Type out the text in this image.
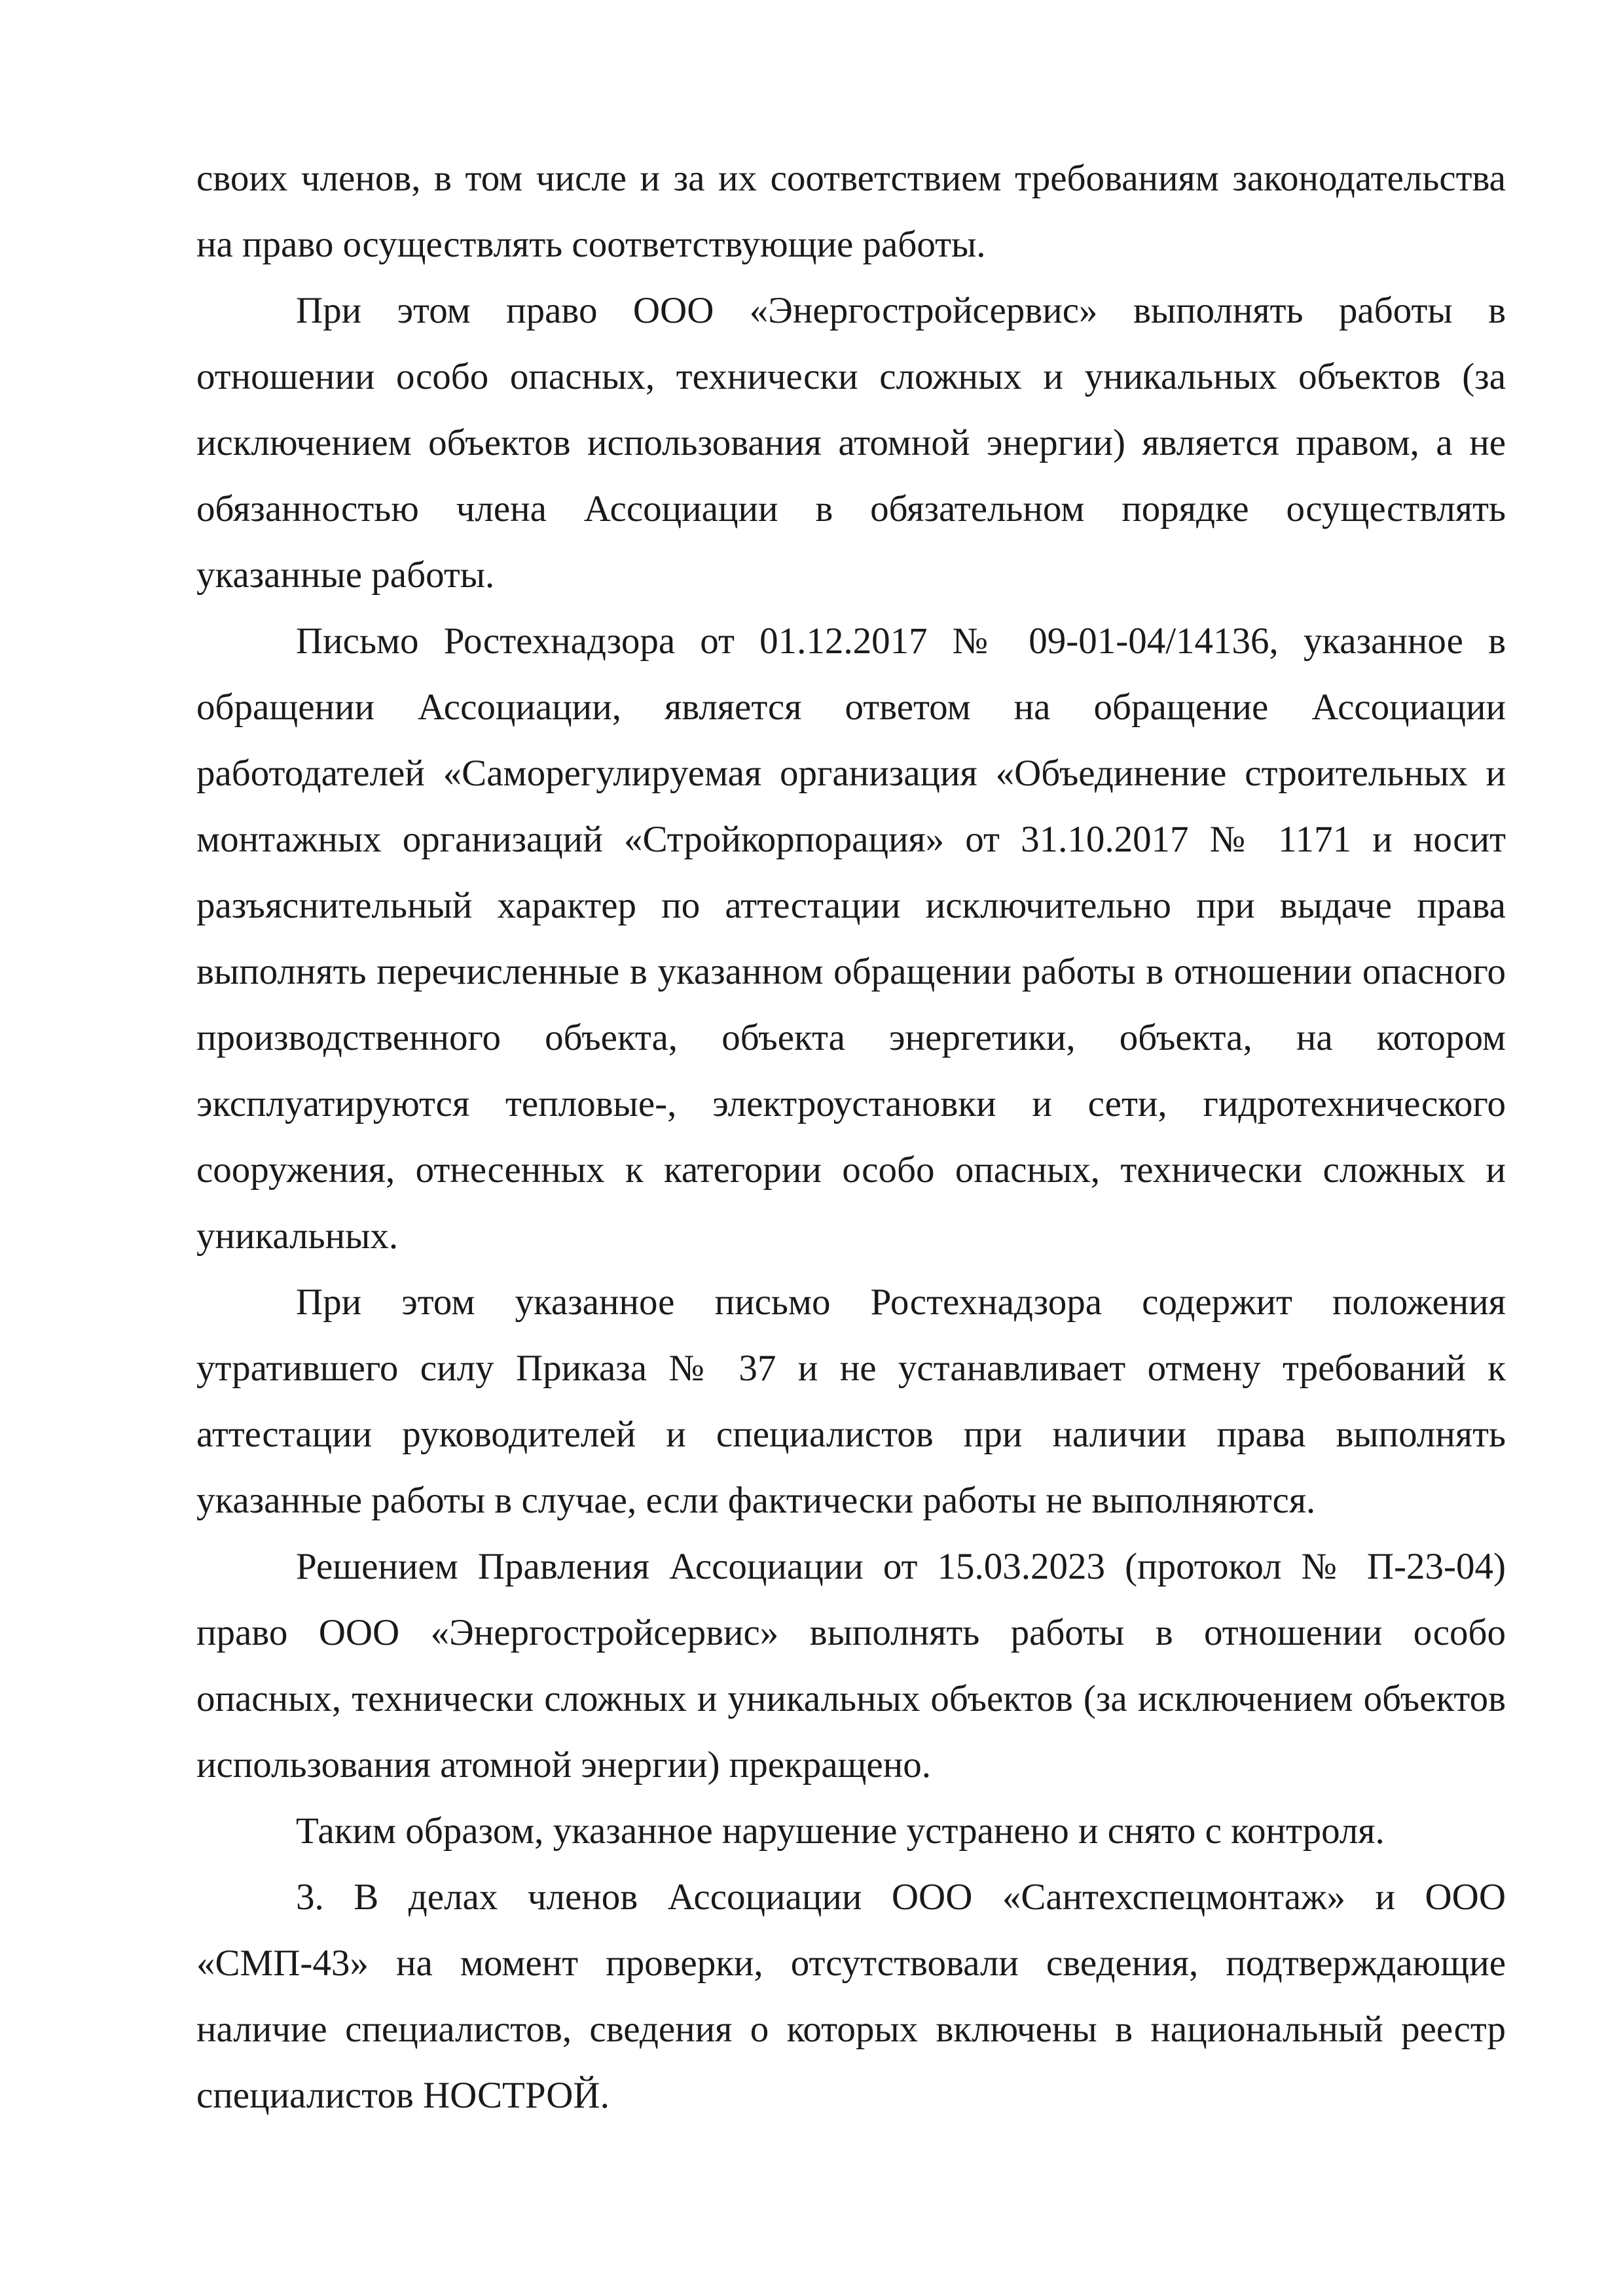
своих членов, в том числе и за их соответствием требованиям законодательства на право осуществлять соответствующие работы.

При этом право ООО «Энергостройсервис» выполнять работы в отношении особо опасных, технически сложных и уникальных объектов (за исключением объектов использования атомной энергии) является правом, а не обязанностью члена Ассоциации в обязательном порядке осуществлять указанные работы.

Письмо Ростехнадзора от 01.12.2017 № 09-01-04/14136, указанное в обращении Ассоциации, является ответом на обращение Ассоциации работодателей «Саморегулируемая организация «Объединение строительных и монтажных организаций «Стройкорпорация» от 31.10.2017 № 1171 и носит разъяснительный характер по аттестации исключительно при выдаче права выполнять перечисленные в указанном обращении работы в отношении опасного производственного объекта, объекта энергетики, объекта, на котором эксплуатируются тепловые-, электроустановки и сети, гидротехнического сооружения, отнесенных к категории особо опасных, технически сложных и уникальных.

При этом указанное письмо Ростехнадзора содержит положения утратившего силу Приказа № 37 и не устанавливает отмену требований к аттестации руководителей и специалистов при наличии права выполнять указанные работы в случае, если фактически работы не выполняются.

Решением Правления Ассоциации от 15.03.2023 (протокол № П-23-04) право ООО «Энергостройсервис» выполнять работы в отношении особо опасных, технически сложных и уникальных объектов (за исключением объектов использования атомной энергии) прекращено.

Таким образом, указанное нарушение устранено и снято с контроля.

3. В делах членов Ассоциации ООО «Сантехспецмонтаж» и ООО «СМП-43» на момент проверки, отсутствовали сведения, подтверждающие наличие специалистов, сведения о которых включены в национальный реестр специалистов НОСТРОЙ.
